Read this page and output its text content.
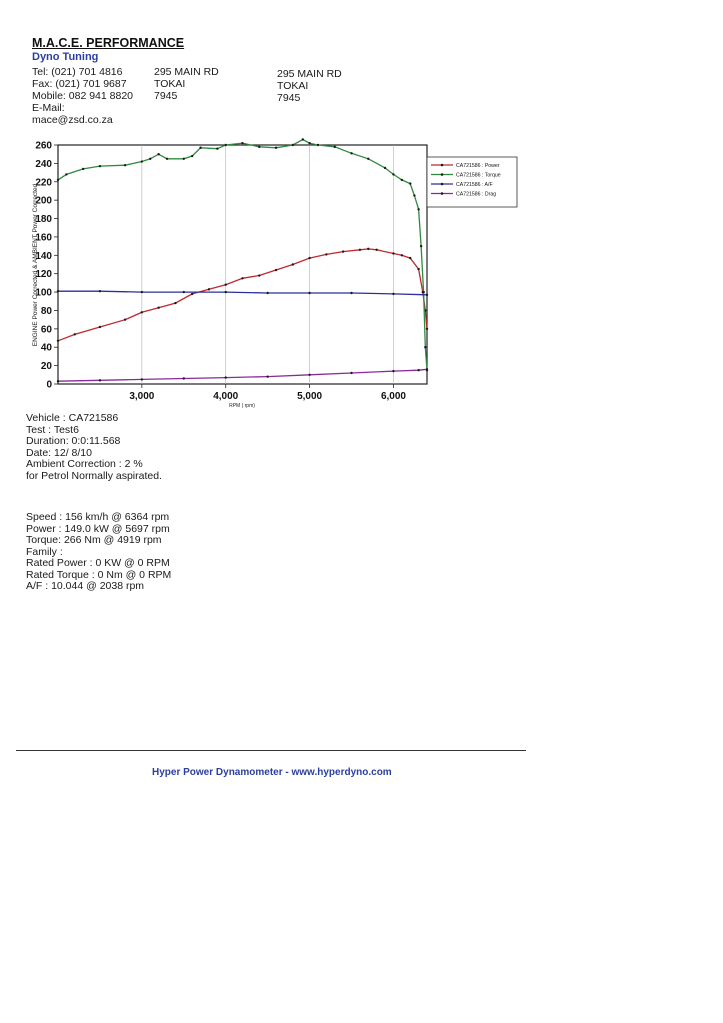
M.A.C.E. PERFORMANCE
Dyno Tuning
Tel: (021) 701 4816
Fax: (021) 701 9687
Mobile: 082 941 8820
E-Mail:
mace@zsd.co.za
295 MAIN RD
TOKAI
7945
295 MAIN RD
TOKAI
7945
0
20
40
60
80
100
120
140
160
180
200
220
240
260
3,000	4,000	5,000	6,000
CA721586 : Power
CA721586 : Torque
CA721586 : A/F
CA721586 : Drag
ENGINE Power Corrected & AMBIENT Power Corrected
RPM ( rpm)
Vehicle : CA721586
Test : Test6
Duration: 0:0:11.568
Date: 12/ 8/10
Ambient Correction : 2 %
for Petrol Normally aspirated.
Speed : 156 km/h @ 6364 rpm
Power : 149.0 kW @ 5697 rpm
Torque: 266 Nm @ 4919 rpm
Family :
Rated Power : 0 KW @ 0 RPM
Rated Torque : 0 Nm @ 0 RPM
A/F : 10.044 @ 2038 rpm
Hyper Power Dynamometer - www.hyperdyno.com
